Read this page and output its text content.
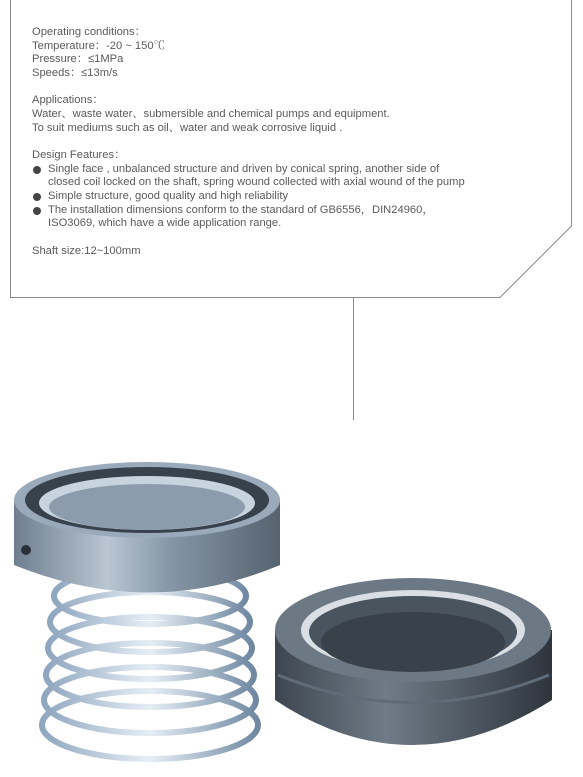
Operating conditions：
Temperature：-20 ~ 150℃
Pressure：≤1MPa
Speeds：≤13m/s
Applications：
Water、waste water、submersible and chemical pumps and equipment.
To suit mediums such as oil、water and weak corrosive liquid .
Design Features：
Single face , unbalanced structure and driven by conical spring, another side of
closed coil locked on the shaft, spring wound collected with axial wound of the pump
Simple structure, good quality and high reliability
The installation dimensions conform to the standard of GB6556，DIN24960，
ISO3069, which have a wide application range.
Shaft size:12~100mm
